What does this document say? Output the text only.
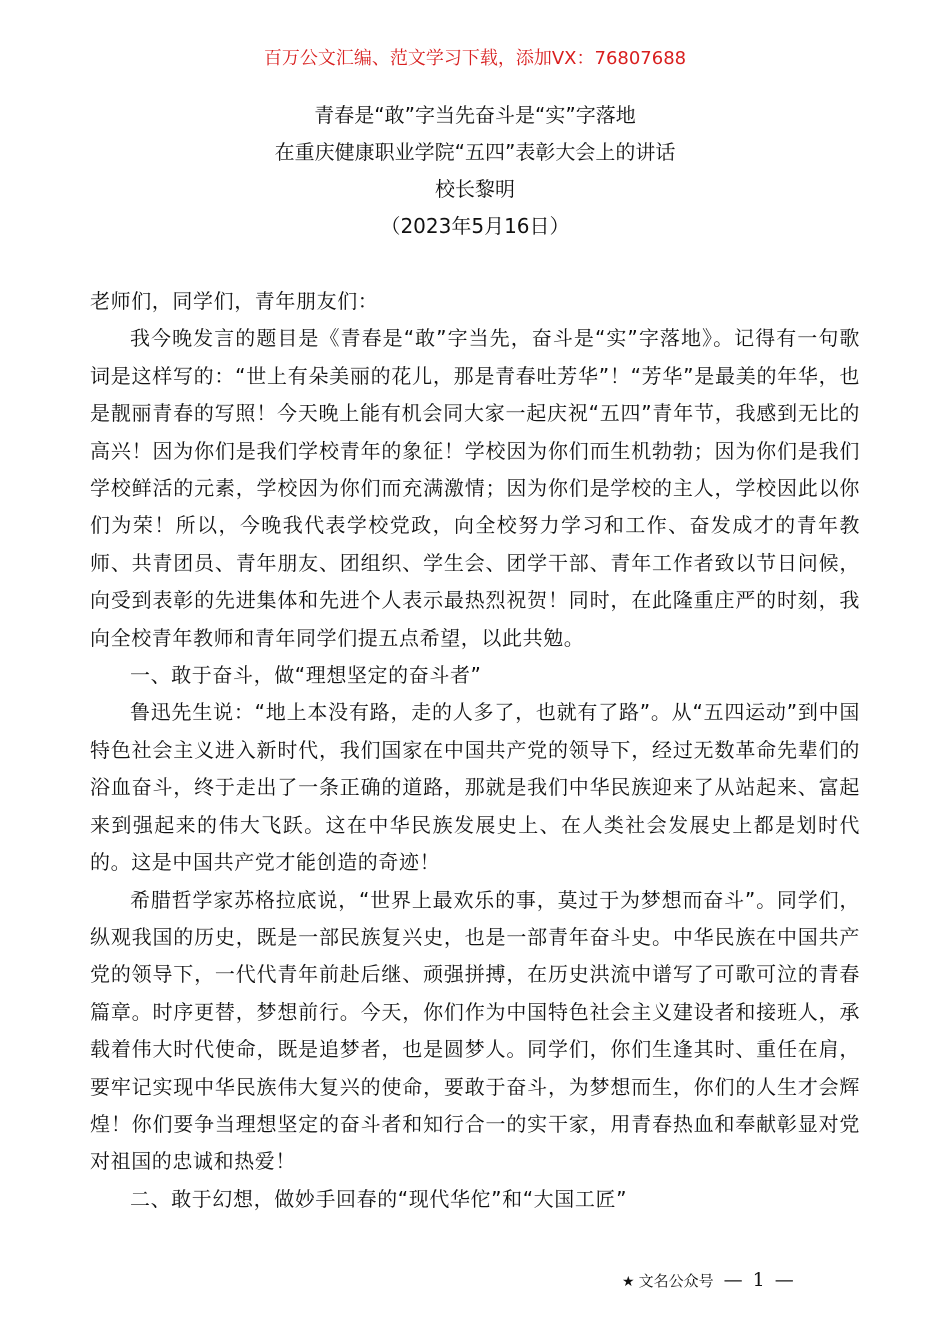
百万公文汇编、范文学习下载，添加VX：76807688
青春是“敢”字当先奋斗是“实”字落地
在重庆健康职业学院“五四”表彰大会上的讲话
校长黎明
（2023年5月16日）

老师们，同学们，青年朋友们：

我今晚发言的题目是《青春是“敢”字当先，奋斗是“实”字落地》。记得有一句歌词是这样写的：“世上有朵美丽的花儿，那是青春吐芳华”！“芳华”是最美的年华，也是靓丽青春的写照！今天晚上能有机会同大家一起庆祝“五四”青年节，我感到无比的高兴！因为你们是我们学校青年的象征！学校因为你们而生机勃勃；因为你们是我们学校鲜活的元素，学校因为你们而充满激情；因为你们是学校的主人，学校因此以你们为荣！所以，今晚我代表学校党政，向全校努力学习和工作、奋发成才的青年教师、共青团员、青年朋友、团组织、学生会、团学干部、青年工作者致以节日问候，向受到表彰的先进集体和先进个人表示最热烈祝贺！同时，在此隆重庄严的时刻，我向全校青年教师和青年同学们提五点希望，以此共勉。

一、敢于奋斗，做“理想坚定的奋斗者”

鲁迅先生说：“地上本没有路，走的人多了，也就有了路”。从“五四运动”到中国特色社会主义进入新时代，我们国家在中国共产党的领导下，经过无数革命先辈们的浴血奋斗，终于走出了一条正确的道路，那就是我们中华民族迎来了从站起来、富起来到强起来的伟大飞跃。这在中华民族发展史上、在人类社会发展史上都是划时代的。这是中国共产党才能创造的奇迹！

希腊哲学家苏格拉底说，“世界上最欢乐的事，莫过于为梦想而奋斗”。同学们，纵观我国的历史，既是一部民族复兴史，也是一部青年奋斗史。中华民族在中国共产党的领导下，一代代青年前赴后继、顽强拼搏，在历史洪流中谱写了可歌可泣的青春篇章。时序更替，梦想前行。今天，你们作为中国特色社会主义建设者和接班人，承载着伟大时代使命，既是追梦者，也是圆梦人。同学们，你们生逢其时、重任在肩，要牢记实现中华民族伟大复兴的使命，要敢于奋斗，为梦想而生，你们的人生才会辉煌！你们要争当理想坚定的奋斗者和知行合一的实干家，用青春热血和奉献彰显对党对祖国的忠诚和热爱！

二、敢于幻想，做妙手回春的“现代华佗”和“大国工匠”

★ 文名公众号 — 1 —
